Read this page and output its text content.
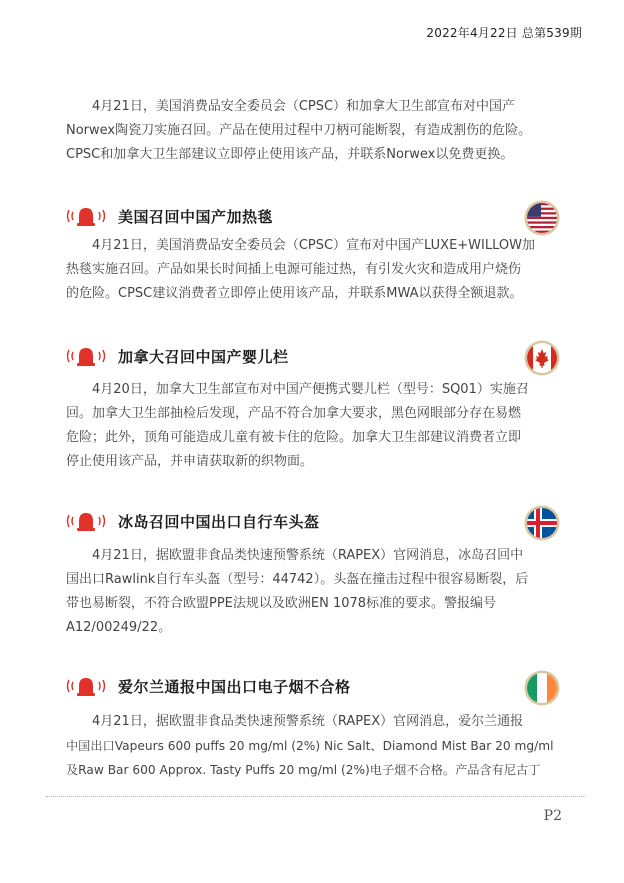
2022年4月22日 总第539期
4月21日，美国消费品安全委员会（CPSC）和加拿大卫生部宣布对中国产
Norwex陶瓷刀实施召回。产品在使用过程中刀柄可能断裂，有造成割伤的危险。
CPSC和加拿大卫生部建议立即停止使用该产品，并联系Norwex以免费更换。
美国召回中国产加热毯
4月21日，美国消费品安全委员会（CPSC）宣布对中国产LUXE+WILLOW加
热毯实施召回。产品如果长时间插上电源可能过热，有引发火灾和造成用户烧伤
的危险。CPSC建议消费者立即停止使用该产品，并联系MWA以获得全额退款。
加拿大召回中国产婴儿栏
4月20日，加拿大卫生部宣布对中国产便携式婴儿栏（型号：SQ01）实施召
回。加拿大卫生部抽检后发现，产品不符合加拿大要求，黑色网眼部分存在易燃
危险；此外，顶角可能造成儿童有被卡住的危险。加拿大卫生部建议消费者立即
停止使用该产品，并申请获取新的织物面。
冰岛召回中国出口自行车头盔
4月21日，据欧盟非食品类快速预警系统（RAPEX）官网消息，冰岛召回中
国出口Rawlink自行车头盔（型号：44742）。头盔在撞击过程中很容易断裂，后
带也易断裂，不符合欧盟PPE法规以及欧洲EN 1078标准的要求。警报编号
A12/00249/22。
爱尔兰通报中国出口电子烟不合格
4月21日，据欧盟非食品类快速预警系统（RAPEX）官网消息，爱尔兰通报
中国出口Vapeurs 600 puffs 20 mg/ml (2%) Nic Salt、Diamond Mist Bar 20 mg/ml
及Raw Bar 600 Approx. Tasty Puffs 20 mg/ml (2%)电子烟不合格。产品含有尼古丁
P2
